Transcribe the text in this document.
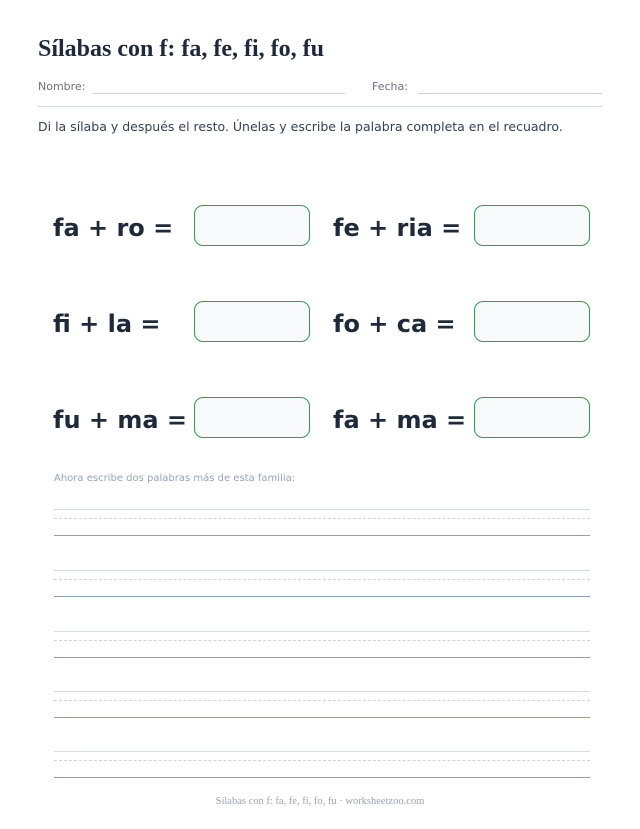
Sílabas con f: fa, fe, fi, fo, fu
Nombre:	Fecha:
Di la sílaba y después el resto. Únelas y escribe la palabra completa en el recuadro.
fa + ro =	fe + ria =
fi + la =	fo + ca =
fu + ma =	fa + ma =
Ahora escribe dos palabras más de esta familia:
Sílabas con f: fa, fe, fi, fo, fu · worksheetzoo.com
